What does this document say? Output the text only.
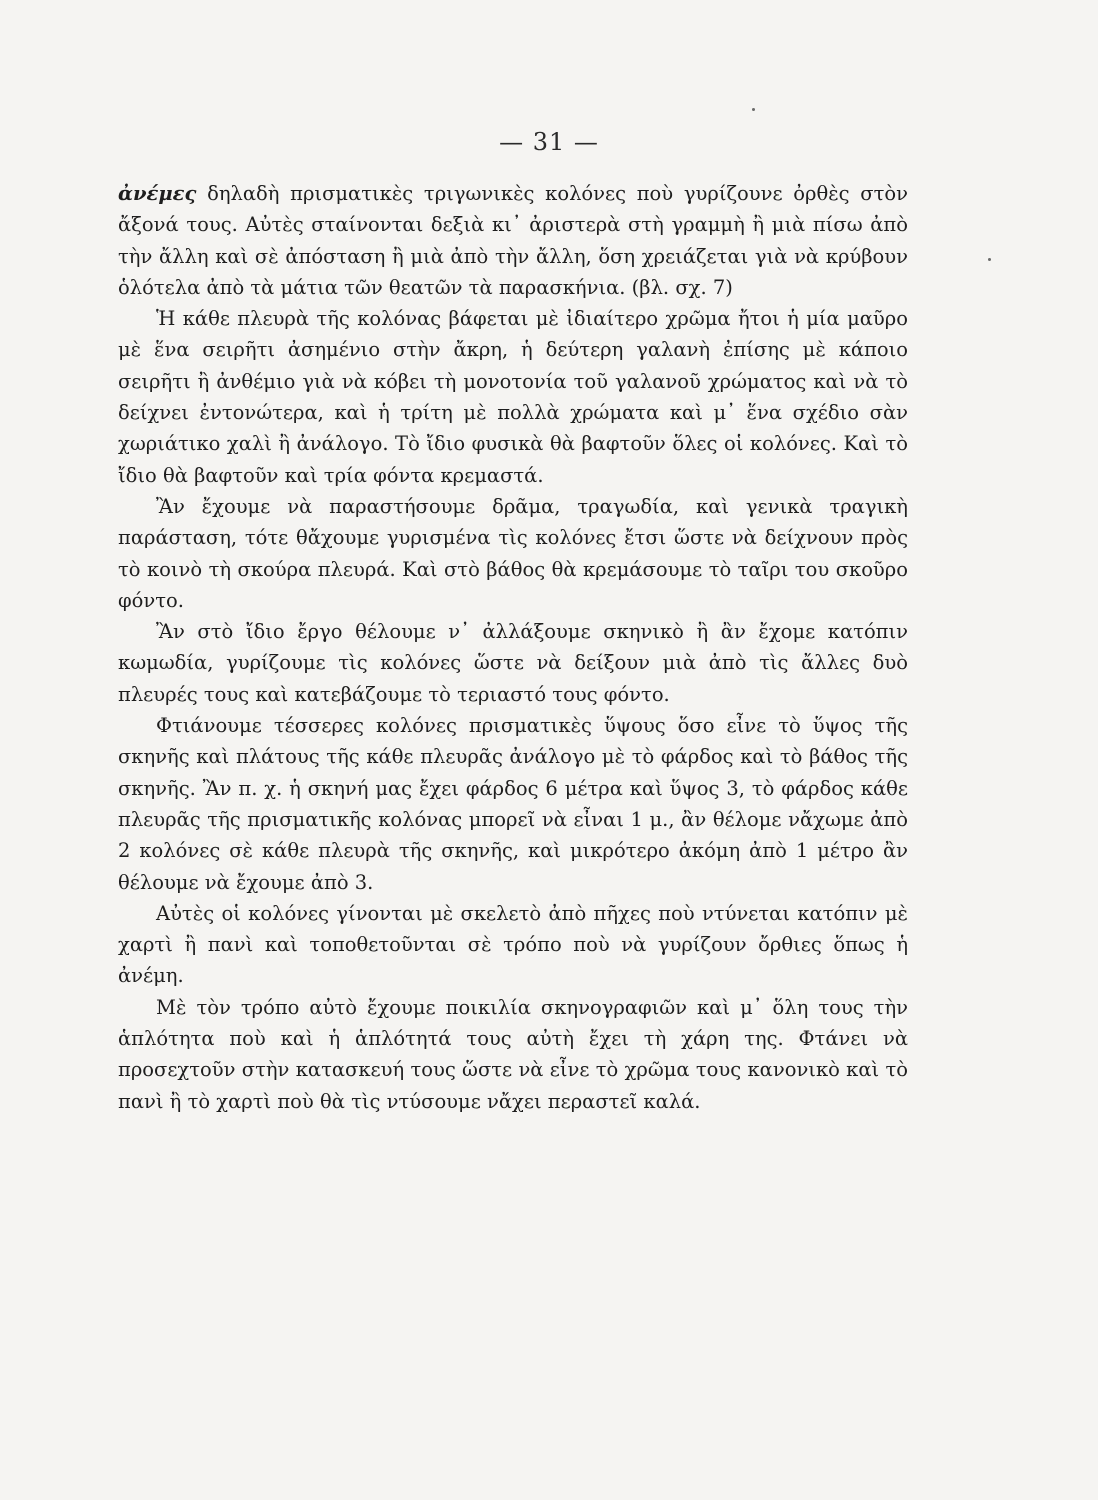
— 31 —

ἀνέμες δηλαδὴ πρισματικὲς τριγωνικὲς κολόνες ποὺ γυρίζουνε ὀρθὲς στὸν ἄξονά τους. Αὐτὲς σταίνονται δεξιὰ κι᾽ ἀριστερὰ στὴ γραμμὴ ἢ μιὰ πίσω ἀπὸ τὴν ἄλλη καὶ σὲ ἀπόσταση ἢ μιὰ ἀπὸ τὴν ἄλλη, ὅση χρειάζεται γιὰ νὰ κρύβουν ὁλότελα ἀπὸ τὰ μάτια τῶν θεατῶν τὰ παρασκήνια. (βλ. σχ. 7)

Ἡ κάθε πλευρὰ τῆς κολόνας βάφεται μὲ ἰδιαίτερο χρῶμα ἤτοι ἡ μία μαῦρο μὲ ἕνα σειρῆτι ἀσημένιο στὴν ἄκρη, ἡ δεύτερη γαλανὴ ἐπίσης μὲ κάποιο σειρῆτι ἢ ἀνθέμιο γιὰ νὰ κόβει τὴ μονοτονία τοῦ γαλανοῦ χρώματος καὶ νὰ τὸ δείχνει ἐντονώτερα, καὶ ἡ τρίτη μὲ πολλὰ χρώματα καὶ μ᾽ ἕνα σχέδιο σὰν χωριάτικο χαλὶ ἢ ἀνάλογο. Τὸ ἴδιο φυσικὰ θὰ βαφτοῦν ὅλες οἱ κολόνες. Καὶ τὸ ἴδιο θὰ βαφτοῦν καὶ τρία φόντα κρεμαστά.

Ἂν ἔχουμε νὰ παραστήσουμε δρᾶμα, τραγωδία, καὶ γενικὰ τραγικὴ παράσταση, τότε θἄχουμε γυρισμένα τὶς κολόνες ἔτσι ὥστε νὰ δείχνουν πρὸς τὸ κοινὸ τὴ σκούρα πλευρά. Καὶ στὸ βάθος θὰ κρεμάσουμε τὸ ταῖρι του σκοῦρο φόντο.

Ἂν στὸ ἴδιο ἔργο θέλουμε ν᾽ ἀλλάξουμε σκηνικὸ ἢ ἂν ἔχομε κατόπιν κωμωδία, γυρίζουμε τὶς κολόνες ὥστε νὰ δείξουν μιὰ ἀπὸ τὶς ἄλλες δυὸ πλευρές τους καὶ κατεβάζουμε τὸ τεριαστό τους φόντο.

Φτιάνουμε τέσσερες κολόνες πρισματικὲς ὕψους ὅσο εἶνε τὸ ὕψος τῆς σκηνῆς καὶ πλάτους τῆς κάθε πλευρᾶς ἀνάλογο μὲ τὸ φάρδος καὶ τὸ βάθος τῆς σκηνῆς. Ἂν π. χ. ἡ σκηνή μας ἔχει φάρδος 6 μέτρα καὶ ὕψος 3, τὸ φάρδος κάθε πλευρᾶς τῆς πρισματικῆς κολόνας μπορεῖ νὰ εἶναι 1 μ., ἂν θέλομε νἄχωμε ἀπὸ 2 κολόνες σὲ κάθε πλευρὰ τῆς σκηνῆς, καὶ μικρότερο ἀκόμη ἀπὸ 1 μέτρο ἂν θέλουμε νὰ ἔχουμε ἀπὸ 3.

Αὐτὲς οἱ κολόνες γίνονται μὲ σκελετὸ ἀπὸ πῆχες ποὺ ντύνεται κατόπιν μὲ χαρτὶ ἢ πανὶ καὶ τοποθετοῦνται σὲ τρόπο ποὺ νὰ γυρίζουν ὄρθιες ὅπως ἡ ἀνέμη.

Μὲ τὸν τρόπο αὐτὸ ἔχουμε ποικιλία σκηνογραφιῶν καὶ μ᾽ ὅλη τους τὴν ἁπλότητα ποὺ καὶ ἡ ἁπλότητά τους αὐτὴ ἔχει τὴ χάρη της. Φτάνει νὰ προσεχτοῦν στὴν κατασκευή τους ὥστε νὰ εἶνε τὸ χρῶμα τους κανονικὸ καὶ τὸ πανὶ ἢ τὸ χαρτὶ ποὺ θὰ τὶς ντύσουμε νἄχει περαστεῖ καλά.
